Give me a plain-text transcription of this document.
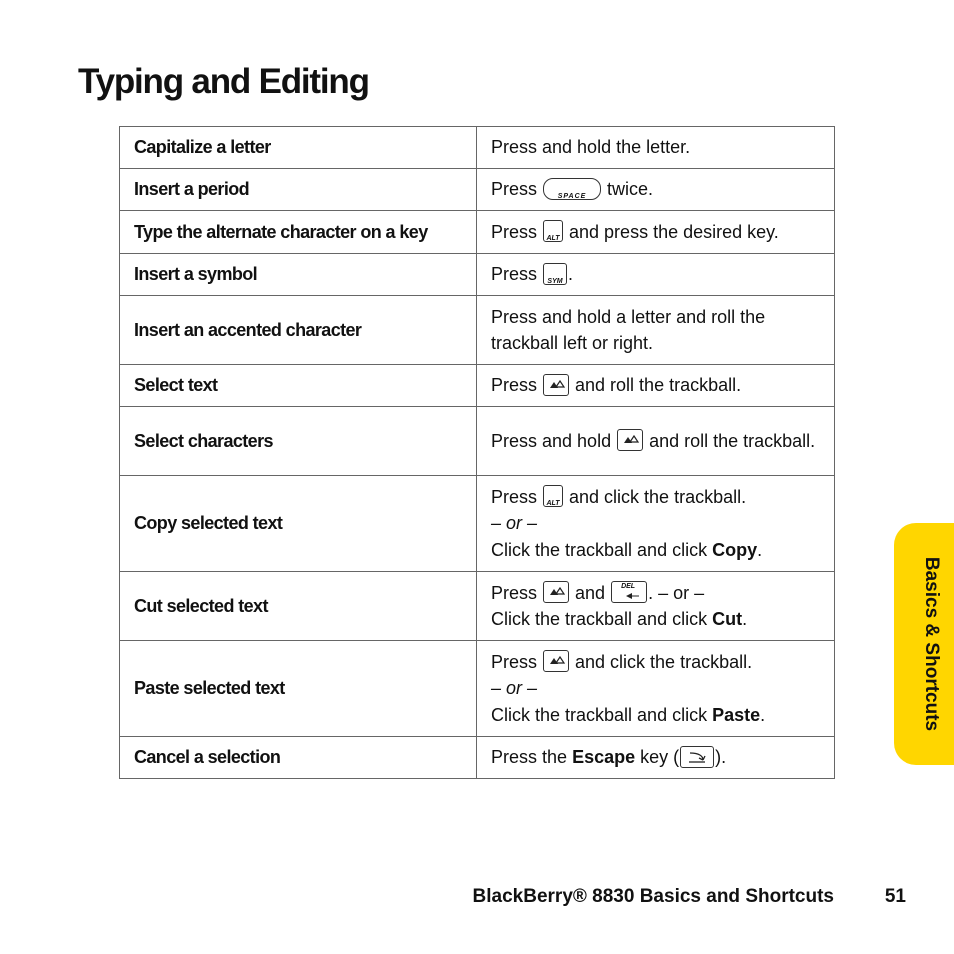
Typing and Editing
Capitalize a letter	Press and hold the letter.
Insert a period	Press SPACE twice.
Type the alternate character on a key	Press ALT and press the desired key.
Insert a symbol	Press SYM .
Insert an accented character	Press and hold a letter and roll the trackball left or right.
Select text	Press and roll the trackball.
Select characters	Press and hold and roll the trackball.
Copy selected text	Press ALT and click the trackball.
– or –
Click the trackball and click Copy.
Cut selected text	Press and DEL . – or –
Click the trackball and click Cut.
Paste selected text	Press and click the trackball.
– or –
Click the trackball and click Paste.
Cancel a selection	Press the Escape key ( ).
Basics & Shortcuts
BlackBerry® 8830 Basics and Shortcuts	51
